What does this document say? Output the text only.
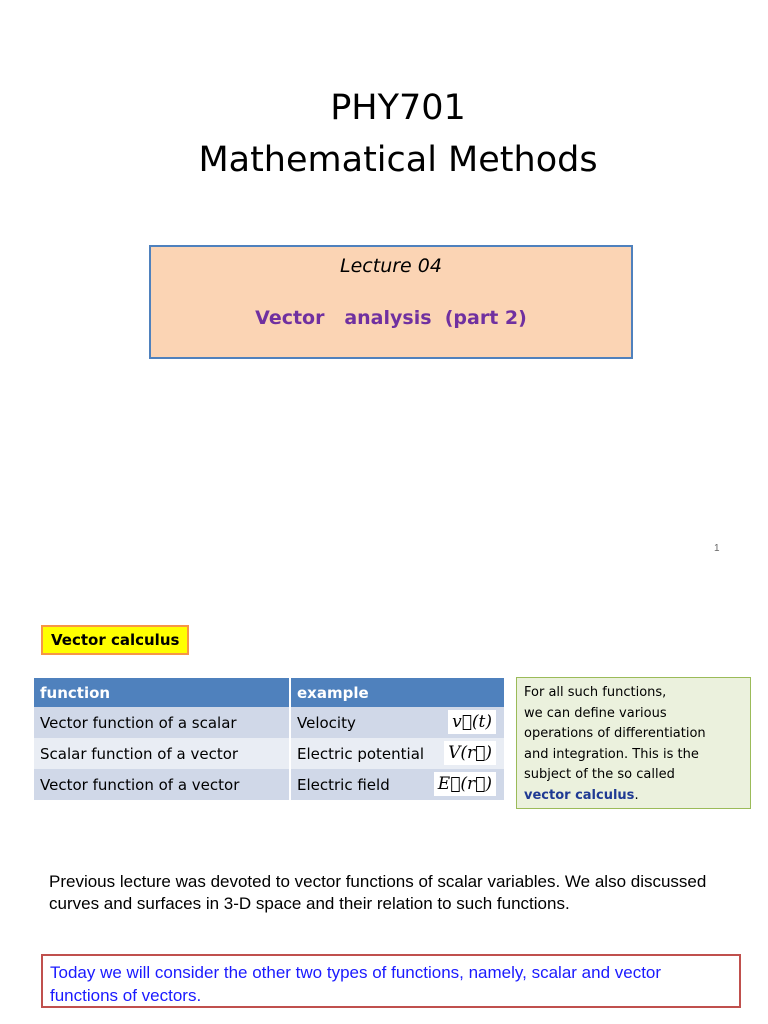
PHY701
Mathematical Methods
Lecture 04
Vector   analysis  (part 2)
1
Vector calculus
function	example
Vector function of a scalar	Velocity v⃗(t)

Scalar function of a vector	Electric potential V(r⃗)

Vector function of a vector	Electric field E⃗(r⃗)
For all such functions,
we can define various
operations of differentiation
and integration. This is the
subject of the so called
vector calculus.
Previous lecture was devoted to vector functions of scalar variables. We also discussed curves and surfaces in 3-D space and their relation to such functions.
Today we will consider the other two types of functions, namely, scalar and vector functions of vectors.
